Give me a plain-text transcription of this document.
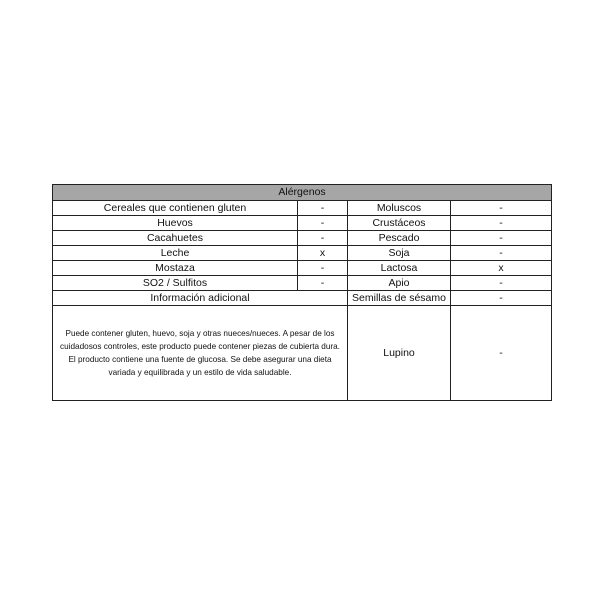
Alérgenos			
Cereales que contienen gluten	-	Moluscos	-
Huevos	-	Crustáceos	-
Cacahuetes	-	Pescado	-
Leche	x	Soja	-
Mostaza	-	Lactosa	x
SO2 / Sulfitos	-	Apio	-
Información adicional		Semillas de sésamo	-
Puede contener gluten, huevo, soja y otras nueces/nueces. A pesar de los cuidadosos controles, este producto puede contener piezas de cubierta dura. El producto contiene una fuente de glucosa. Se debe asegurar una dieta variada y equilibrada y un estilo de vida saludable.		Lupino	-
